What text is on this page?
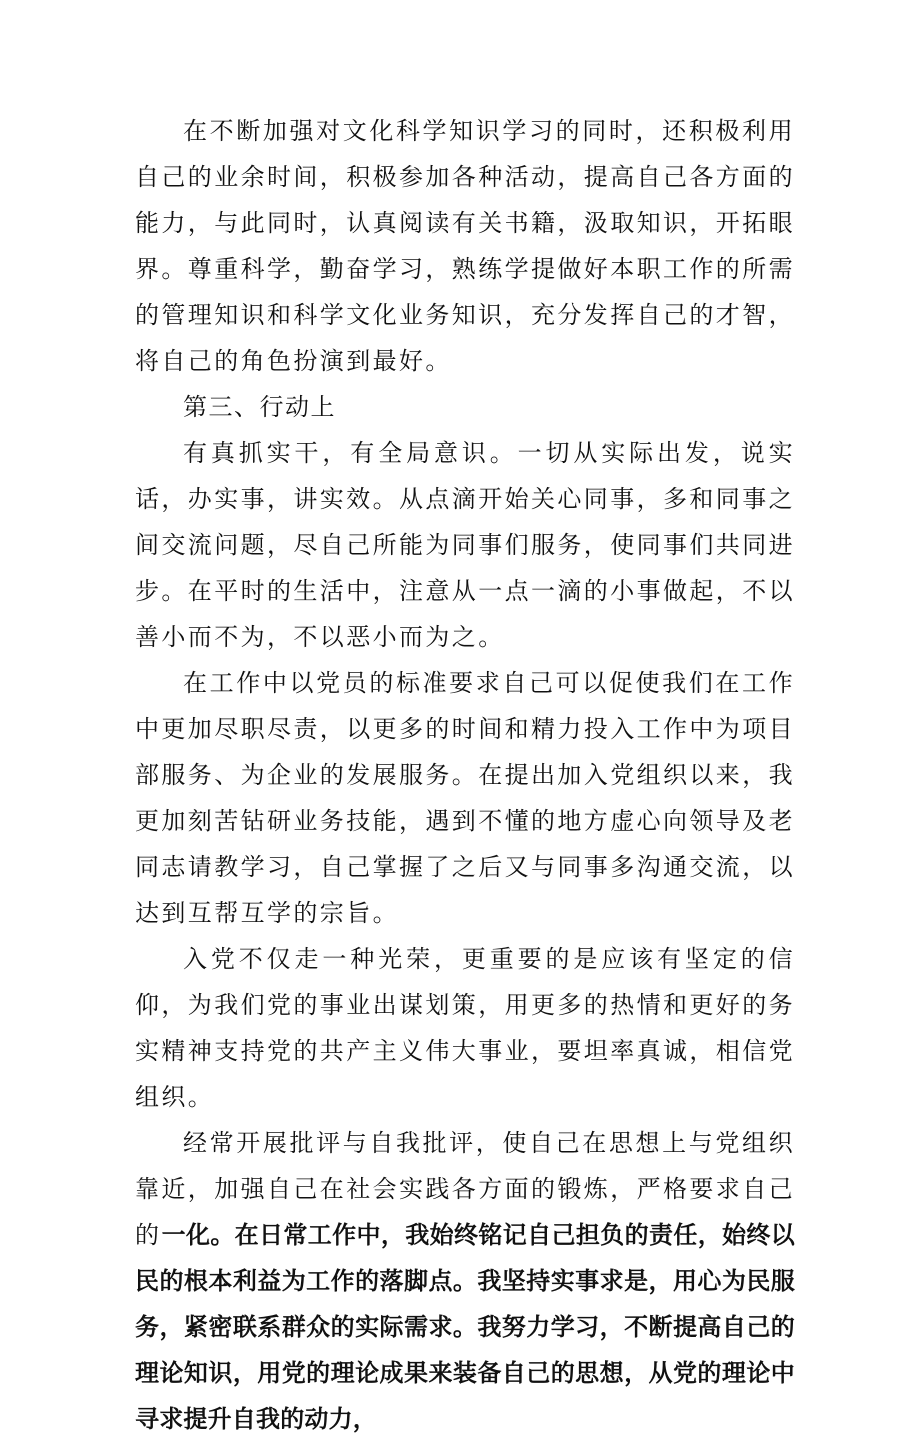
在不断加强对文化科学知识学习的同时，还积极利用自己的业余时间，积极参加各种活动，提高自己各方面的能力，与此同时，认真阅读有关书籍，汲取知识，开拓眼界。尊重科学，勤奋学习，熟练学提做好本职工作的所需的管理知识和科学文化业务知识，充分发挥自己的才智，将自己的角色扮演到最好。

第三、行动上

有真抓实干，有全局意识。一切从实际出发，说实话，办实事，讲实效。从点滴开始关心同事，多和同事之间交流问题，尽自己所能为同事们服务，使同事们共同进步。在平时的生活中，注意从一点一滴的小事做起，不以善小而不为，不以恶小而为之。

在工作中以党员的标准要求自己可以促使我们在工作中更加尽职尽责，以更多的时间和精力投入工作中为项目部服务、为企业的发展服务。在提出加入党组织以来，我更加刻苦钻研业务技能，遇到不懂的地方虚心向领导及老同志请教学习，自己掌握了之后又与同事多沟通交流，以达到互帮互学的宗旨。

入党不仅走一种光荣，更重要的是应该有坚定的信仰，为我们党的事业出谋划策，用更多的热情和更好的务实精神支持党的共产主义伟大事业，要坦率真诚，相信党组织。

经常开展批评与自我批评，使自己在思想上与党组织靠近，加强自己在社会实践各方面的锻炼，严格要求自己的一化。在日常工作中，我始终铭记自己担负的责任，始终以民的根本利益为工作的落脚点。我坚持实事求是，用心为民服务，紧密联系群众的实际需求。我努力学习，不断提高自己的理论知识，用党的理论成果来装备自己的思想，从党的理论中寻求提升自我的动力，
